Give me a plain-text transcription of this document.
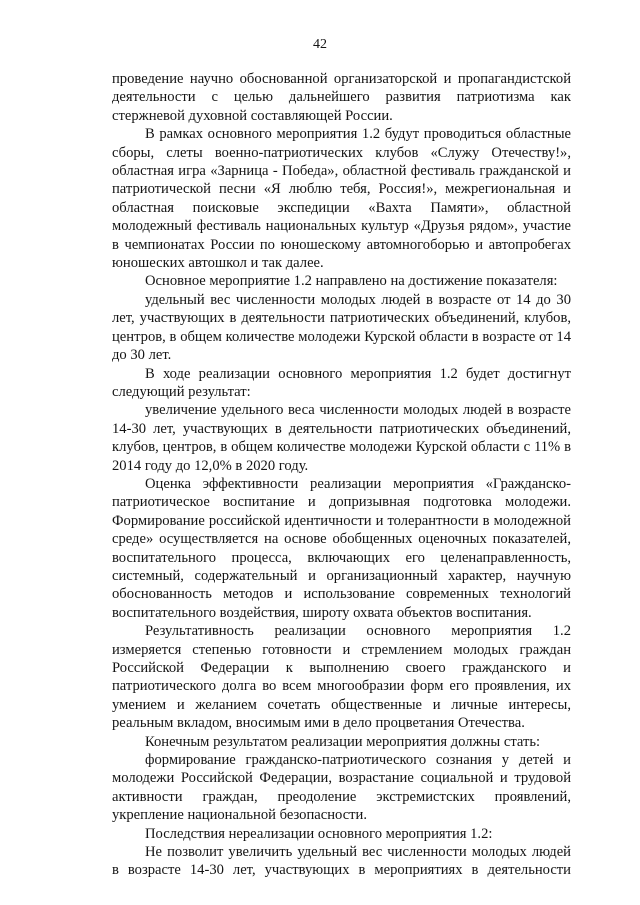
42

проведение научно обоснованной организаторской и пропагандистской деятельности с целью дальнейшего развития патриотизма как стержневой духовной составляющей России.

В рамках основного мероприятия 1.2 будут проводиться областные сборы, слеты военно-патриотических клубов «Служу Отечеству!», областная игра «Зарница - Победа», областной фестиваль гражданской и патриотической песни «Я люблю тебя, Россия!», межрегиональная и областная поисковые экспедиции «Вахта Памяти», областной молодежный фестиваль национальных культур «Друзья рядом», участие в чемпионатах России по юношескому автомногоборью и автопробегах юношеских автошкол и так далее.

Основное мероприятие 1.2 направлено на достижение показателя:

удельный вес численности молодых людей в возрасте от 14 до 30 лет, участвующих в деятельности патриотических объединений, клубов, центров, в общем количестве молодежи Курской области в возрасте от 14 до 30 лет.

В ходе реализации основного мероприятия 1.2 будет достигнут следующий результат:

увеличение удельного веса численности молодых людей в возрасте 14-30 лет, участвующих в деятельности патриотических объединений, клубов, центров, в общем количестве молодежи Курской области с 11% в 2014 году до 12,0% в 2020 году.

Оценка эффективности реализации мероприятия «Гражданско-патриотическое воспитание и допризывная подготовка молодежи. Формирование российской идентичности и толерантности в молодежной среде» осуществляется на основе обобщенных оценочных показателей, воспитательного процесса, включающих его целенаправленность, системный, содержательный и организационный характер, научную обоснованность методов и использование современных технологий воспитательного воздействия, широту охвата объектов воспитания.

Результативность реализации основного мероприятия 1.2 измеряется степенью готовности и стремлением молодых граждан Российской Федерации к выполнению своего гражданского и патриотического долга во всем многообразии форм его проявления, их умением и желанием сочетать общественные и личные интересы, реальным вкладом, вносимым ими в дело процветания Отечества.

Конечным результатом реализации мероприятия должны стать:

формирование гражданско-патриотического сознания у детей и молодежи Российской Федерации, возрастание социальной и трудовой активности граждан, преодоление экстремистских проявлений, укрепление национальной безопасности.

Последствия нереализации основного мероприятия 1.2:

Не позволит увеличить удельный вес численности молодых людей в возрасте 14-30 лет, участвующих в мероприятиях в деятельности
